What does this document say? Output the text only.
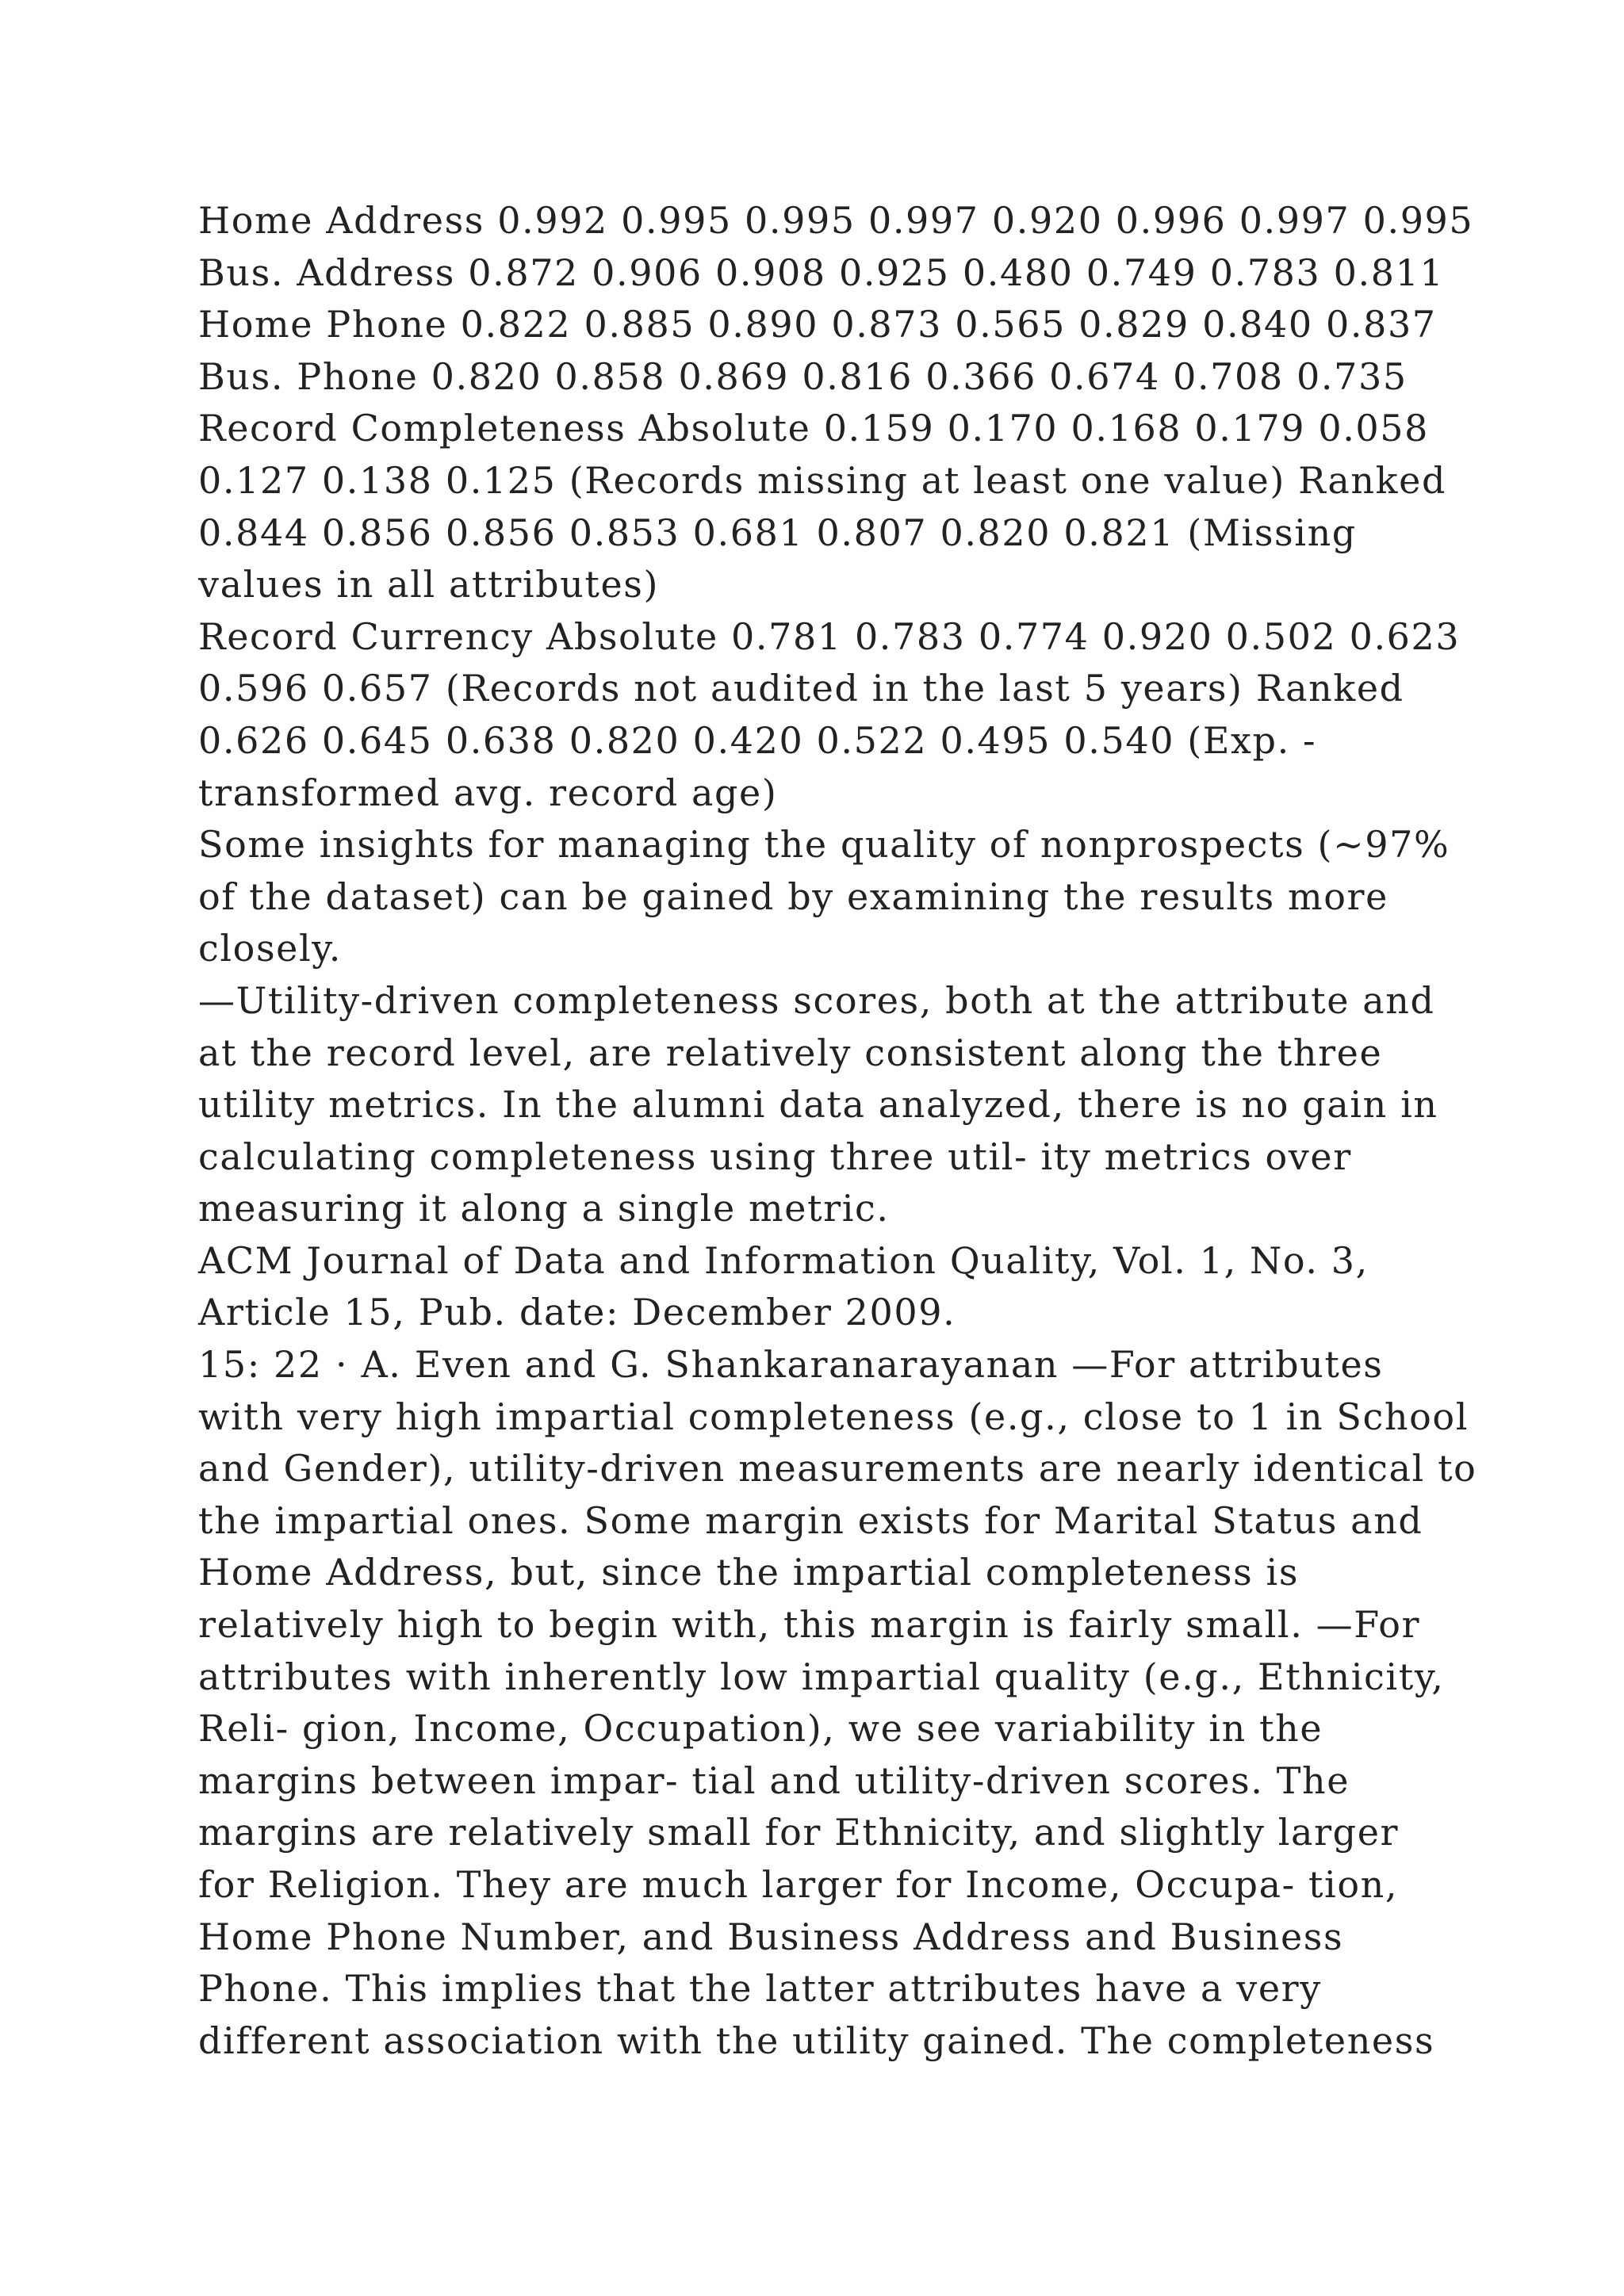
Home Address 0.992 0.995 0.995 0.997 0.920 0.996 0.997 0.995
Bus. Address 0.872 0.906 0.908 0.925 0.480 0.749 0.783 0.811
Home Phone 0.822 0.885 0.890 0.873 0.565 0.829 0.840 0.837
Bus. Phone 0.820 0.858 0.869 0.816 0.366 0.674 0.708 0.735
Record Completeness Absolute 0.159 0.170 0.168 0.179 0.058
0.127 0.138 0.125 (Records missing at least one value) Ranked
0.844 0.856 0.856 0.853 0.681 0.807 0.820 0.821 (Missing
values in all attributes)
Record Currency Absolute 0.781 0.783 0.774 0.920 0.502 0.623
0.596 0.657 (Records not audited in the last 5 years) Ranked
0.626 0.645 0.638 0.820 0.420 0.522 0.495 0.540 (Exp. -
transformed avg. record age)
Some insights for managing the quality of nonprospects (∼97%
of the dataset) can be gained by examining the results more
closely.
—Utility-driven completeness scores, both at the attribute and
at the record level, are relatively consistent along the three
utility metrics. In the alumni data analyzed, there is no gain in
calculating completeness using three util- ity metrics over
measuring it along a single metric.
ACM Journal of Data and Information Quality, Vol. 1, No. 3,
Article 15, Pub. date: December 2009.
15: 22 · A. Even and G. Shankaranarayanan —For attributes
with very high impartial completeness (e.g., close to 1 in School
and Gender), utility-driven measurements are nearly identical to
the impartial ones. Some margin exists for Marital Status and
Home Address, but, since the impartial completeness is
relatively high to begin with, this margin is fairly small. —For
attributes with inherently low impartial quality (e.g., Ethnicity,
Reli- gion, Income, Occupation), we see variability in the
margins between impar- tial and utility-driven scores. The
margins are relatively small for Ethnicity, and slightly larger
for Religion. They are much larger for Income, Occupa- tion,
Home Phone Number, and Business Address and Business
Phone. This implies that the latter attributes have a very
different association with the utility gained. The completeness
